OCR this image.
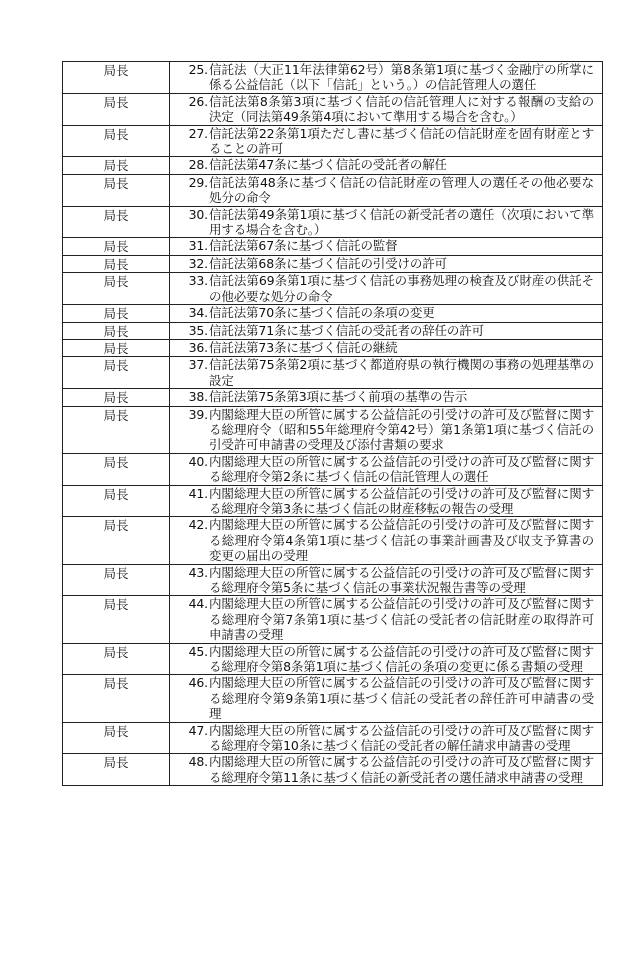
局長	25. 信託法（大正11年法律第62号）第8条第1項に基づく金融庁の所掌に係る公益信託（以下「信託」という。）の信託管理人の選任

局長	26. 信託法第8条第3項に基づく信託の信託管理人に対する報酬の支給の決定（同法第49条第4項において準用する場合を含む。）

局長	27. 信託法第22条第1項ただし書に基づく信託の信託財産を固有財産とすることの許可

局長	28. 信託法第47条に基づく信託の受託者の解任

局長	29. 信託法第48条に基づく信託の信託財産の管理人の選任その他必要な処分の命令

局長	30. 信託法第49条第1項に基づく信託の新受託者の選任（次項において準用する場合を含む。）

局長	31. 信託法第67条に基づく信託の監督

局長	32. 信託法第68条に基づく信託の引受けの許可

局長	33. 信託法第69条第1項に基づく信託の事務処理の検査及び財産の供託その他必要な処分の命令

局長	34. 信託法第70条に基づく信託の条項の変更

局長	35. 信託法第71条に基づく信託の受託者の辞任の許可

局長	36. 信託法第73条に基づく信託の継続

局長	37. 信託法第75条第2項に基づく都道府県の執行機関の事務の処理基準の設定

局長	38. 信託法第75条第3項に基づく前項の基準の告示

局長	39. 内閣総理大臣の所管に属する公益信託の引受けの許可及び監督に関する総理府令（昭和55年総理府令第42号）第1条第1項に基づく信託の引受許可申請書の受理及び添付書類の要求

局長	40. 内閣総理大臣の所管に属する公益信託の引受けの許可及び監督に関する総理府令第2条に基づく信託の信託管理人の選任

局長	41. 内閣総理大臣の所管に属する公益信託の引受けの許可及び監督に関する総理府令第3条に基づく信託の財産移転の報告の受理

局長	42. 内閣総理大臣の所管に属する公益信託の引受けの許可及び監督に関する総理府令第4条第1項に基づく信託の事業計画書及び収支予算書の変更の届出の受理

局長	43. 内閣総理大臣の所管に属する公益信託の引受けの許可及び監督に関する総理府令第5条に基づく信託の事業状況報告書等の受理

局長	44. 内閣総理大臣の所管に属する公益信託の引受けの許可及び監督に関する総理府令第7条第1項に基づく信託の受託者の信託財産の取得許可申請書の受理

局長	45. 内閣総理大臣の所管に属する公益信託の引受けの許可及び監督に関する総理府令第8条第1項に基づく信託の条項の変更に係る書類の受理

局長	46. 内閣総理大臣の所管に属する公益信託の引受けの許可及び監督に関する総理府令第9条第1項に基づく信託の受託者の辞任許可申請書の受理

局長	47. 内閣総理大臣の所管に属する公益信託の引受けの許可及び監督に関する総理府令第10条に基づく信託の受託者の解任請求申請書の受理

局長	48. 内閣総理大臣の所管に属する公益信託の引受けの許可及び監督に関する総理府令第11条に基づく信託の新受託者の選任請求申請書の受理
